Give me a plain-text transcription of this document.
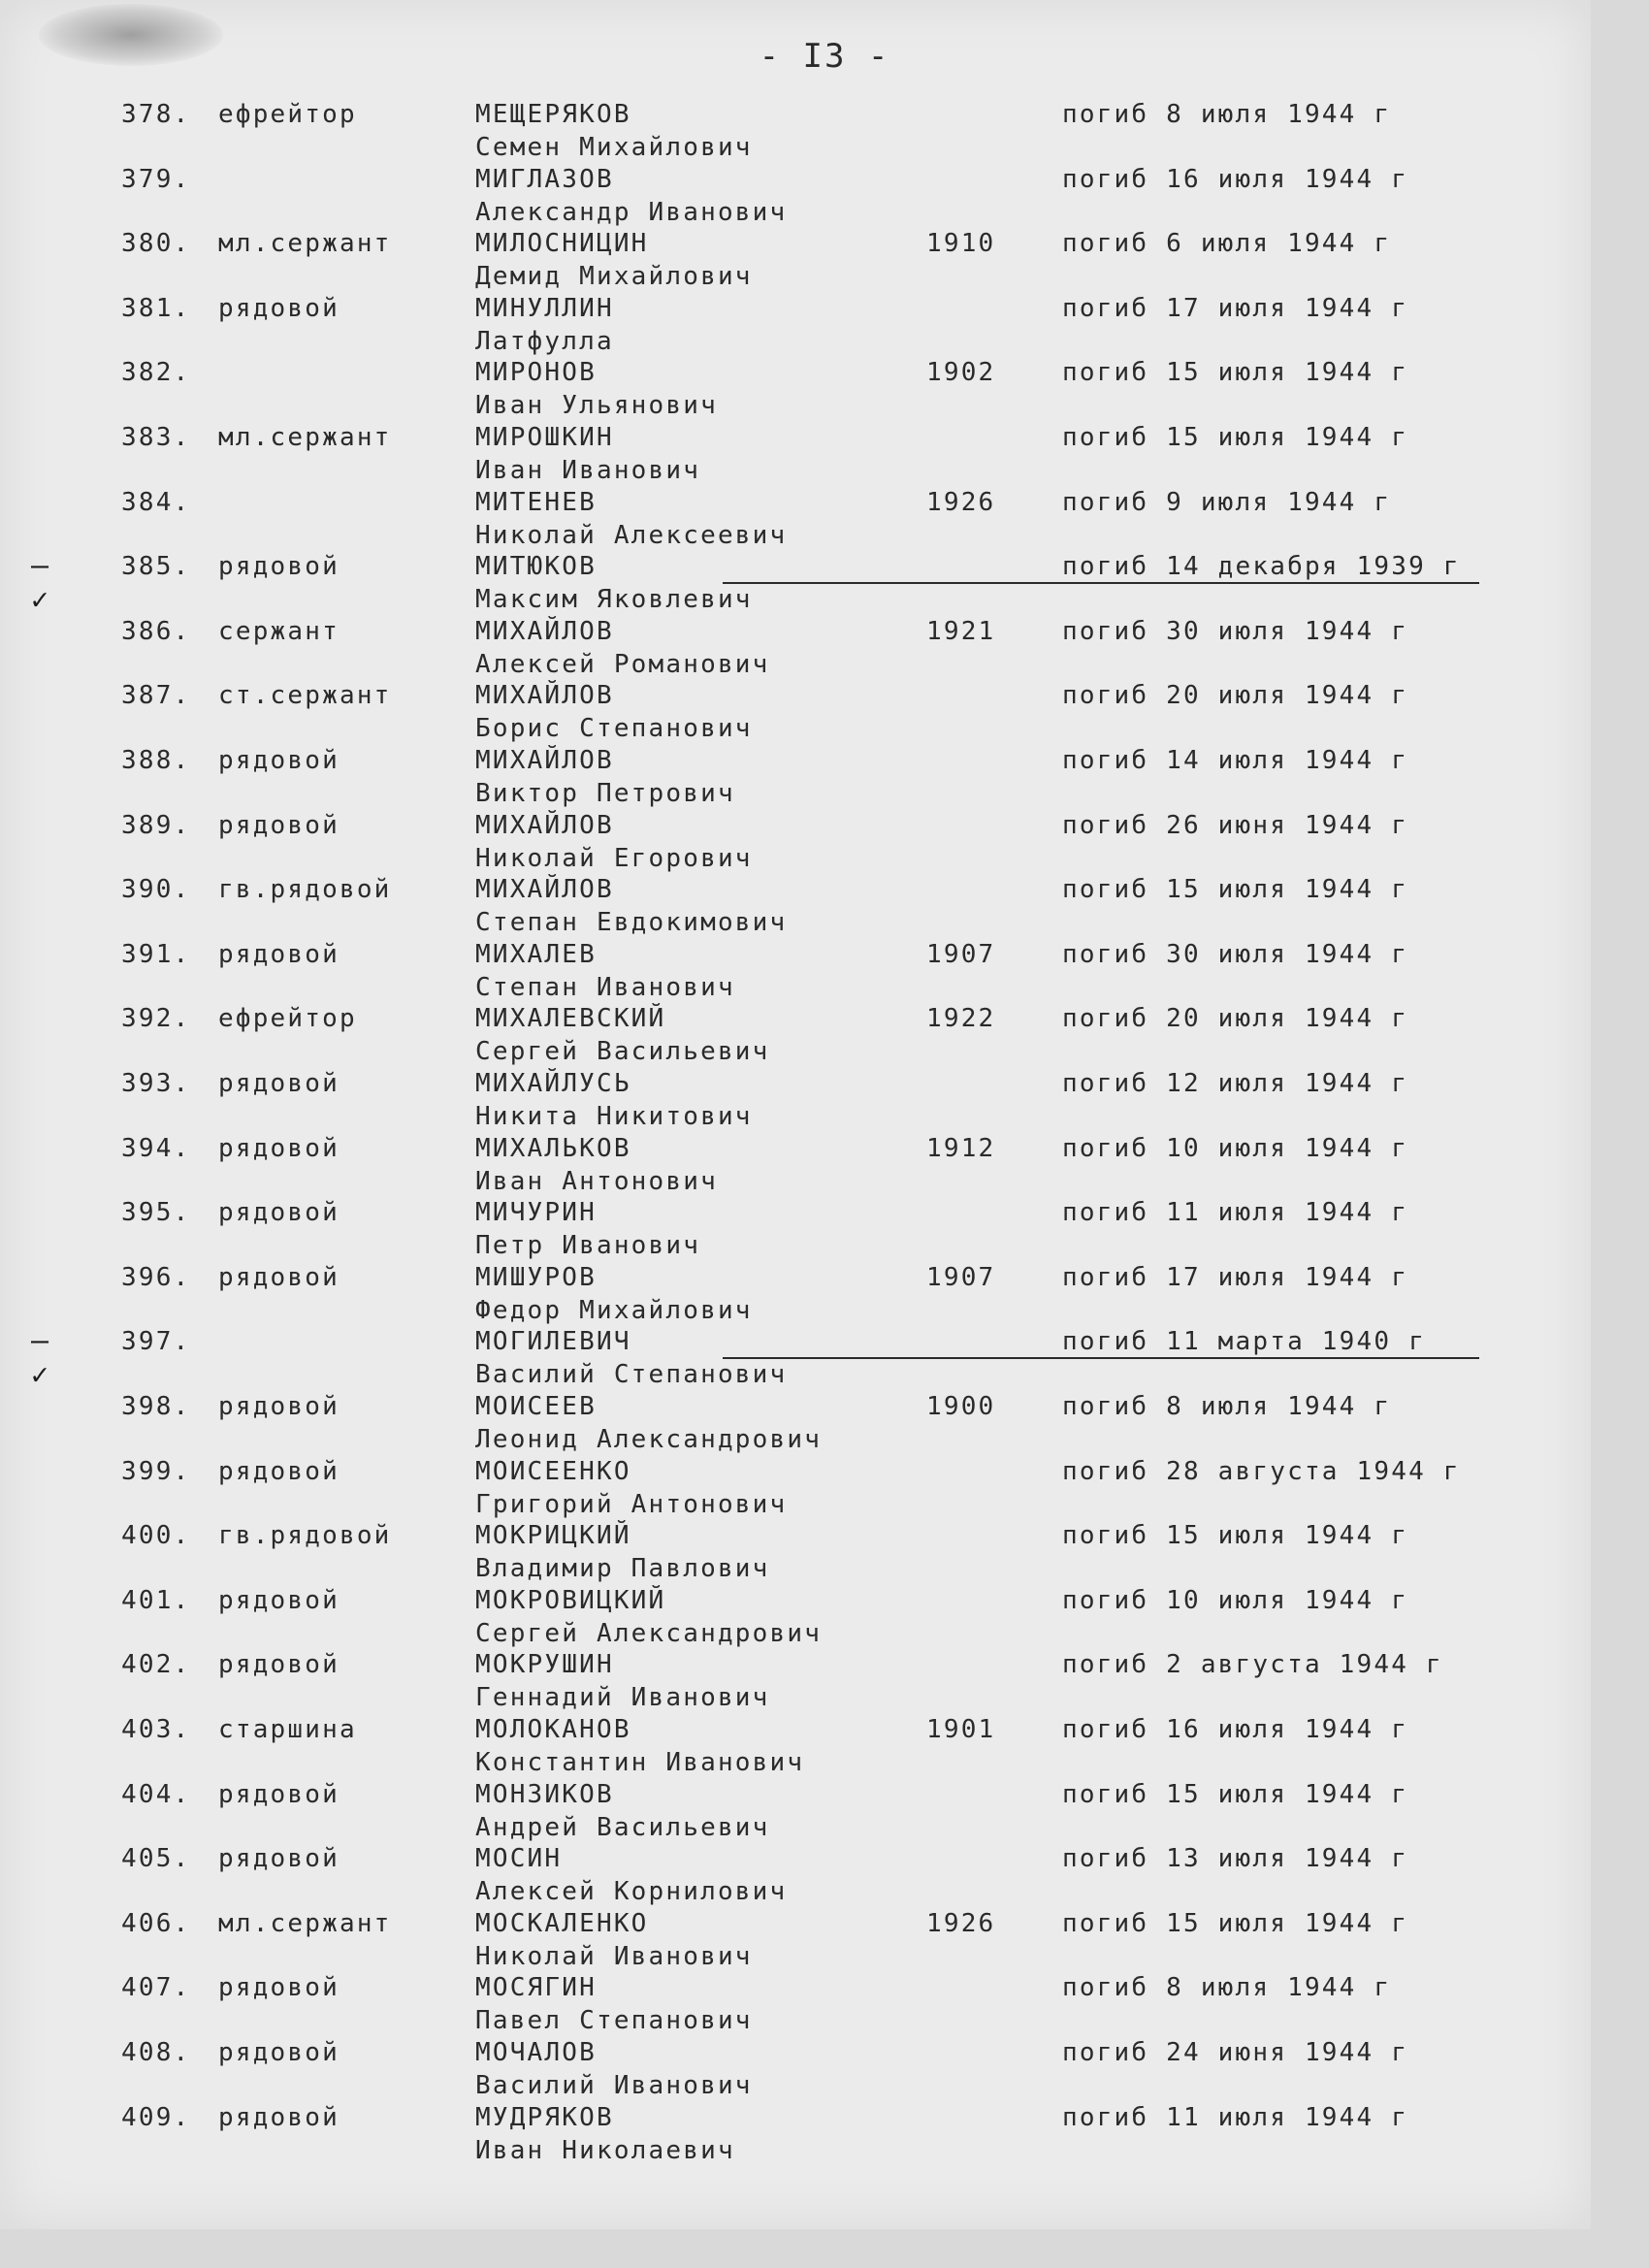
- I3 -
378. ефрейтор	МЕЩЕРЯКОВ	погиб 8 июля 1944 г
Семен Михайлович
379.	МИГЛАЗОВ	погиб 16 июля 1944 г
Александр Иванович
380. мл.сержант	МИЛОСНИЦИН	1910	погиб 6 июля 1944 г
Демид Михайлович
381. рядовой	МИНУЛЛИН	погиб 17 июля 1944 г
Латфулла
382.	МИРОНОВ	1902	погиб 15 июля 1944 г
Иван Ульянович
383. мл.сержант	МИРОШКИН	погиб 15 июля 1944 г
Иван Иванович
384.	МИТЕНЕВ	1926	погиб 9 июля 1944 г
Николай Алексеевич
385. рядовой	МИТЮКОВ	погиб 14 декабря 1939 г
Максим Яковлевич
—✓
386. сержант	МИХАЙЛОВ	1921	погиб 30 июля 1944 г
Алексей Романович
387. ст.сержант	МИХАЙЛОВ	погиб 20 июля 1944 г
Борис Степанович
388. рядовой	МИХАЙЛОВ	погиб 14 июля 1944 г
Виктор Петрович
389. рядовой	МИХАЙЛОВ	погиб 26 июня 1944 г
Николай Егорович
390. гв.рядовой	МИХАЙЛОВ	погиб 15 июля 1944 г
Степан Евдокимович
391. рядовой	МИХАЛЕВ	1907	погиб 30 июля 1944 г
Степан Иванович
392. ефрейтор	МИХАЛЕВСКИЙ	1922	погиб 20 июля 1944 г
Сергей Васильевич
393. рядовой	МИХАЙЛУСЬ	погиб 12 июля 1944 г
Никита Никитович
394. рядовой	МИХАЛЬКОВ	1912	погиб 10 июля 1944 г
Иван Антонович
395. рядовой	МИЧУРИН	погиб 11 июля 1944 г
Петр Иванович
396. рядовой	МИШУРОВ	1907	погиб 17 июля 1944 г
Федор Михайлович
397.	МОГИЛЕВИЧ	погиб 11 марта 1940 г
Василий Степанович
—✓
398. рядовой	МОИСЕЕВ	1900	погиб 8 июля 1944 г
Леонид Александрович
399. рядовой	МОИСЕЕНКО	погиб 28 августа 1944 г
Григорий Антонович
400. гв.рядовой	МОКРИЦКИЙ	погиб 15 июля 1944 г
Владимир Павлович
401. рядовой	МОКРОВИЦКИЙ	погиб 10 июля 1944 г
Сергей Александрович
402. рядовой	МОКРУШИН	погиб 2 августа 1944 г
Геннадий Иванович
403. старшина	МОЛОКАНОВ	1901	погиб 16 июля 1944 г
Константин Иванович
404. рядовой	МОНЗИКОВ	погиб 15 июля 1944 г
Андрей Васильевич
405. рядовой	МОСИН	погиб 13 июля 1944 г
Алексей Корнилович
406. мл.сержант	МОСКАЛЕНКО	1926	погиб 15 июля 1944 г
Николай Иванович
407. рядовой	МОСЯГИН	погиб 8 июля 1944 г
Павел Степанович
408. рядовой	МОЧАЛОВ	погиб 24 июня 1944 г
Василий Иванович
409. рядовой	МУДРЯКОВ	погиб 11 июля 1944 г
Иван Николаевич
